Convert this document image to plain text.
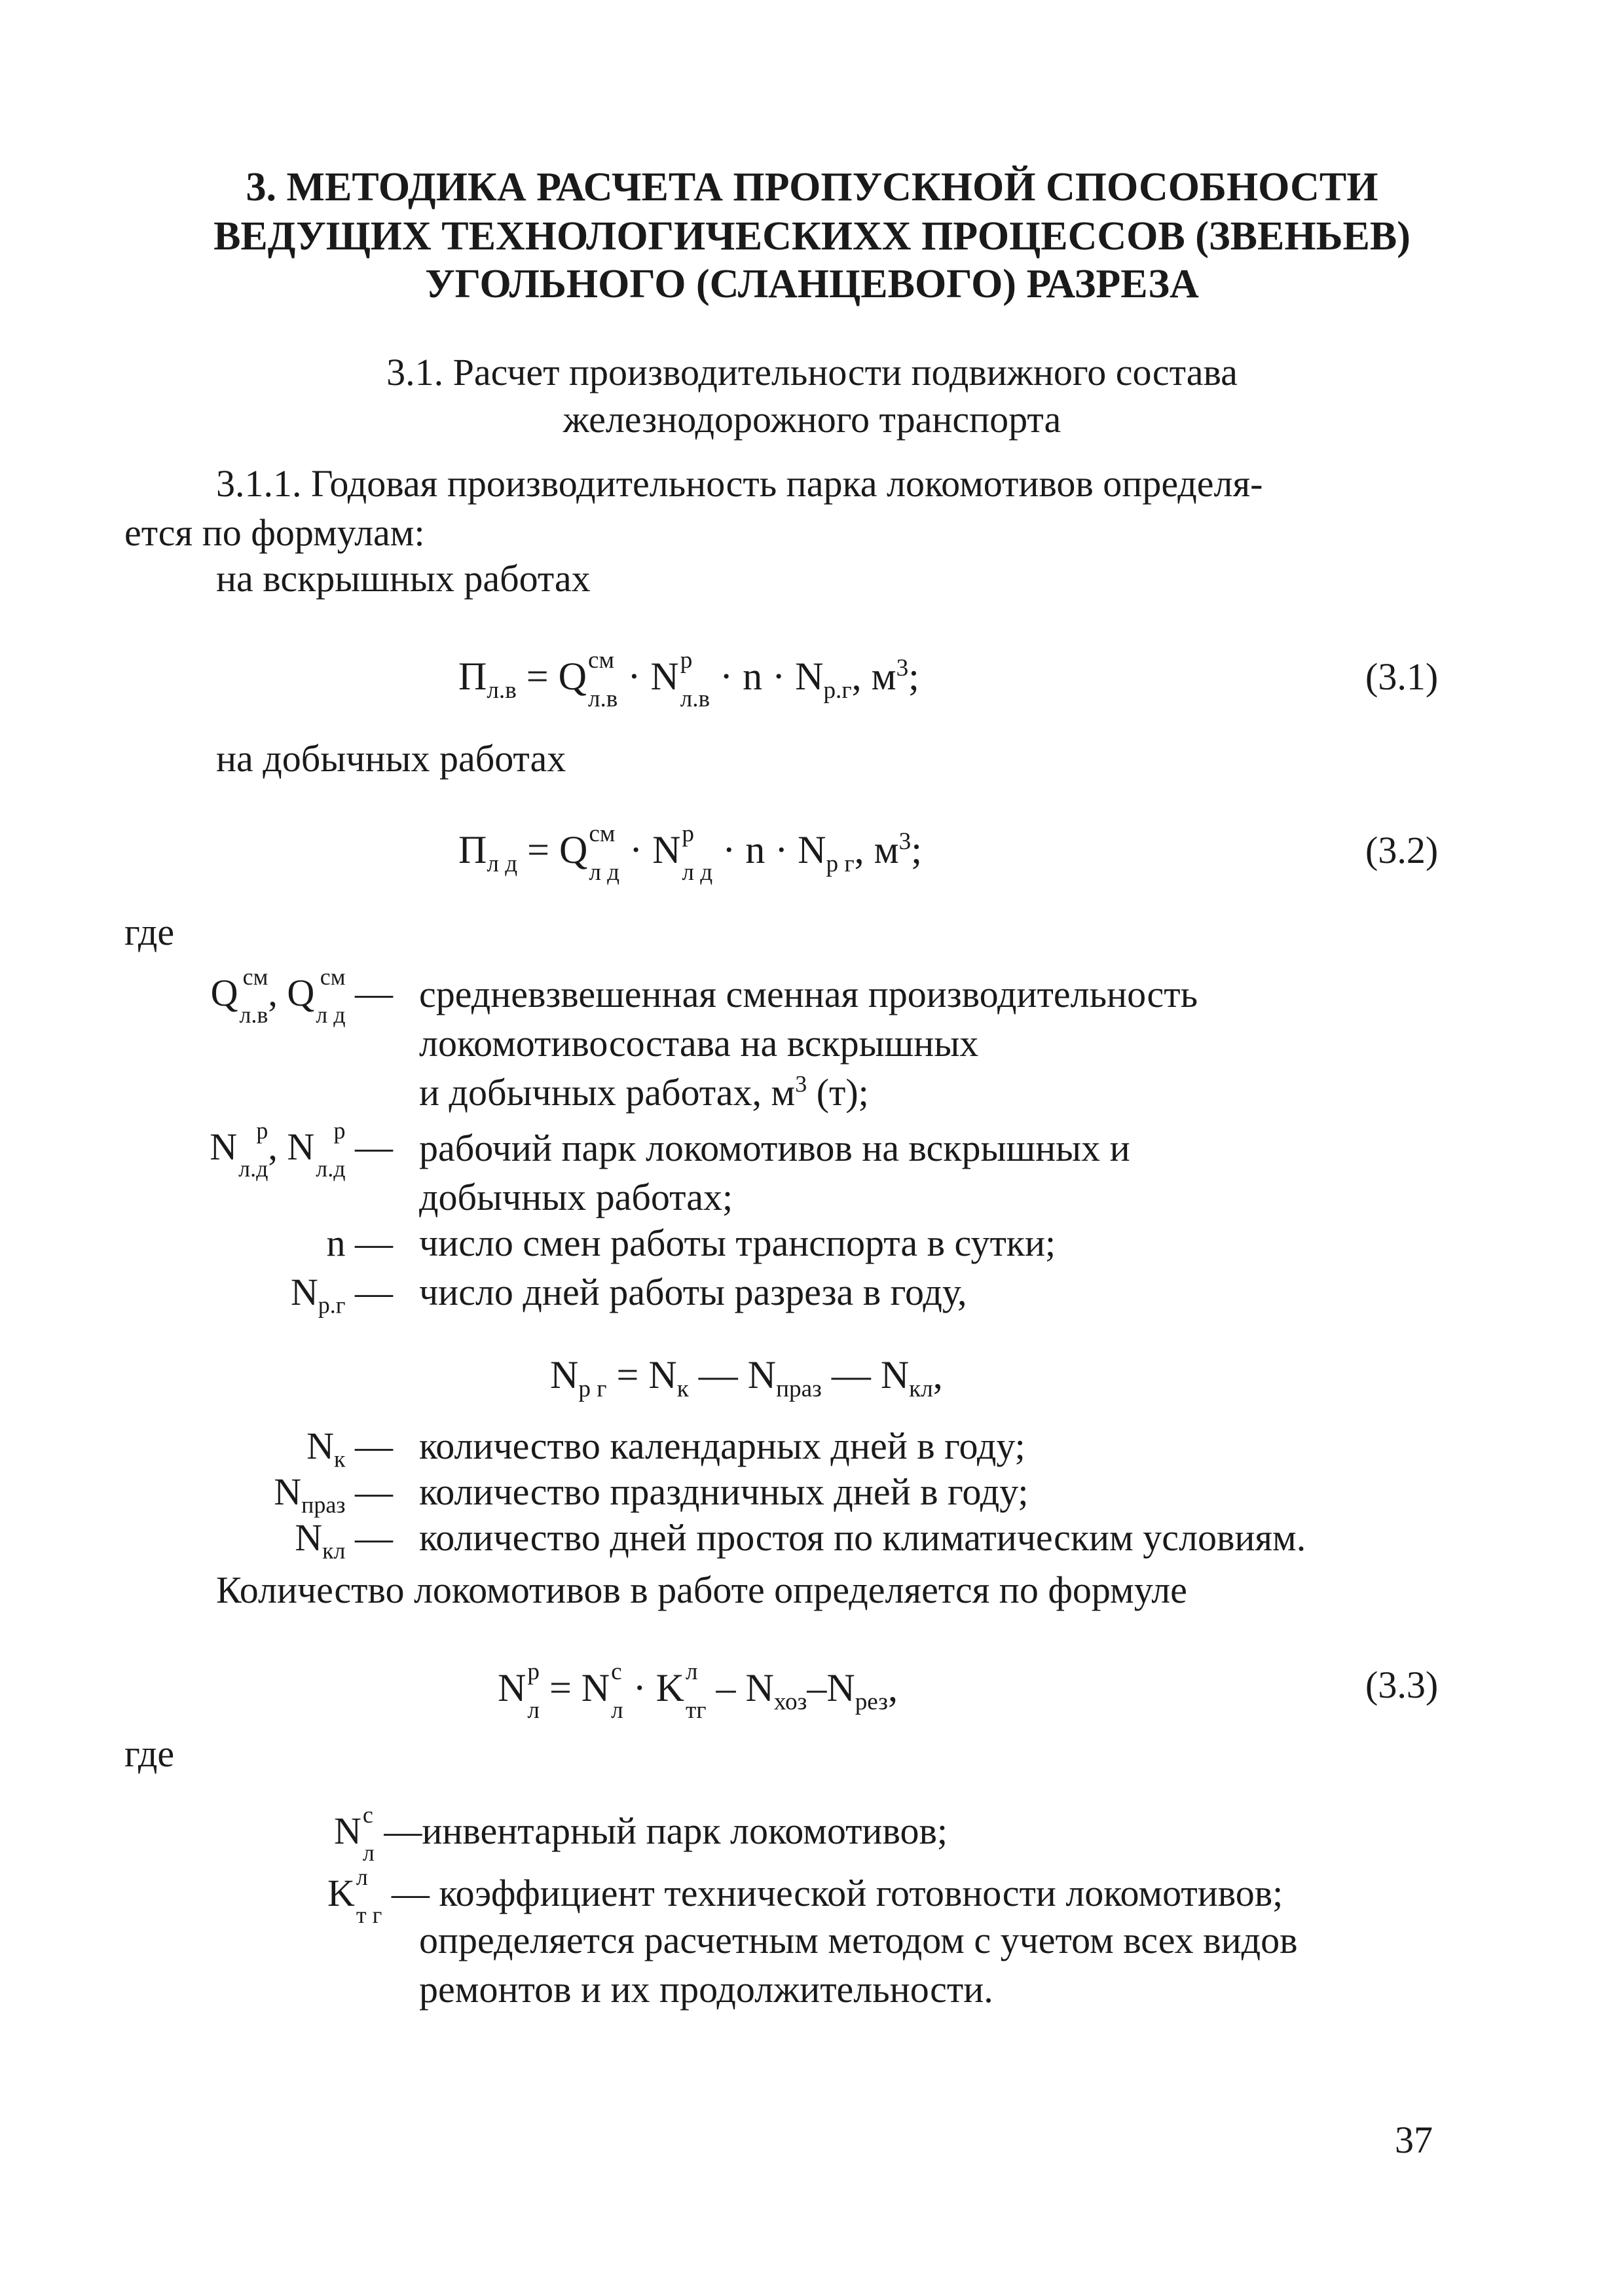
3. МЕТОДИКА РАСЧЕТА ПРОПУСКНОЙ СПОСОБНОСТИ
ВЕДУЩИХ ТЕХНОЛОГИЧЕСКИХХ ПРОЦЕССОВ (ЗВЕНЬЕВ)
УГОЛЬНОГО (СЛАНЦЕВОГО) РАЗРЕЗА
3.1. Расчет производительности подвижного состава
железнодорожного транспорта
3.1.1. Годовая производительность парка локомотивов определя-
ется по формулам:
на вскрышных работах
$П_{л.в} = Q$ см
л.в
· N р
л.в
· $n \cdot N_{р.г}$, $м^3$;	(3.1)
на добычных работах
$П_{л д} = Q$ см
л д
· N р
л д
· $n \cdot N_{р г}$, $м^3$;	(3.2)
где
Q см
л.в
, Q см
л д
— средневзвешенная сменная производительность
локомотивосостава на вскрышных
и добычных работах, $м^3$ (т);
N р
л.д
, N р
л.д
— рабочий парк локомотивов на вскрышных и
добычных работах;
n — число смен работы транспорта в сутки;
$N_{р.г}$ — число дней работы разреза в году,
$N_{р г} = N_к$ — $N_{праз}$ — $N_{кл}$,
$N_к$ — количество календарных дней в году;
$N_{праз}$ — количество праздничных дней в году;
$N_{кл}$ — количество дней простоя по климатическим условиям.
Количество локомотивов в работе определяется по формуле
N р
л
= N с
л
· K л
тг
– $N_{хоз}-N_{рез}$,	(3.3)
где
N с
л
—инвентарный парк локомотивов;
K л
т г
— коэффициент технической готовности локомотивов;
определяется расчетным методом с учетом всех видов
ремонтов и их продолжительности.
37
